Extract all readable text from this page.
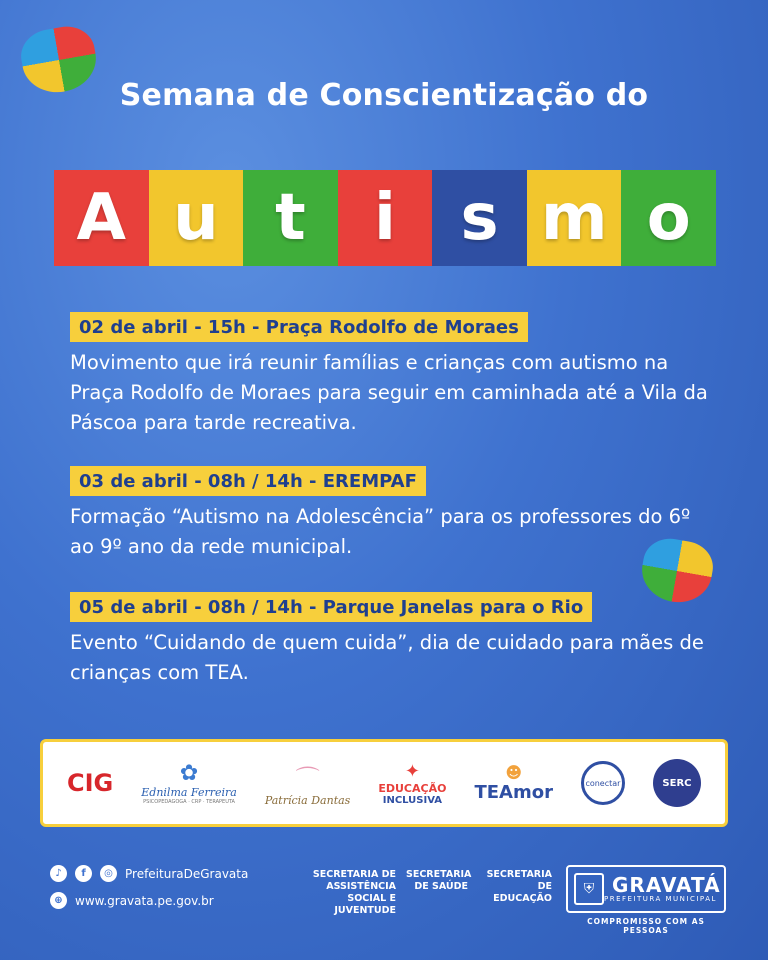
Semana de Conscientização do
A u t i s m o
02 de abril - 15h - Praça Rodolfo de Moraes
Movimento que irá reunir famílias e crianças com autismo na Praça Rodolfo de Moraes para seguir em caminhada até a Vila da Páscoa para tarde recreativa.
03 de abril - 08h / 14h - EREMPAF
Formação “Autismo na Adolescência” para os professores do 6º ao 9º ano da rede municipal.
05 de abril - 08h / 14h - Parque Janelas para o Rio
Evento “Cuidando de quem cuida”, dia de cuidado para mães de crianças com TEA.
CIG	✿
Ednilma Ferreira
PSICOPEDAGOGA · CRP · TERAPEUTA
⌒
Patrícia Dantas
✦
EDUCAÇÃO
INCLUSIVA
☻
TEAmor	conectar	SERC
♪	f	◎	PrefeituraDeGravata
⊕	www.gravata.pe.gov.br
SECRETARIA DE ASSISTÊNCIA SOCIAL E JUVENTUDE
SECRETARIA DE SAÚDE
SECRETARIA DE EDUCAÇÃO
⛨ GRAVATÁ
PREFEITURA MUNICIPAL
COMPROMISSO COM AS PESSOAS
